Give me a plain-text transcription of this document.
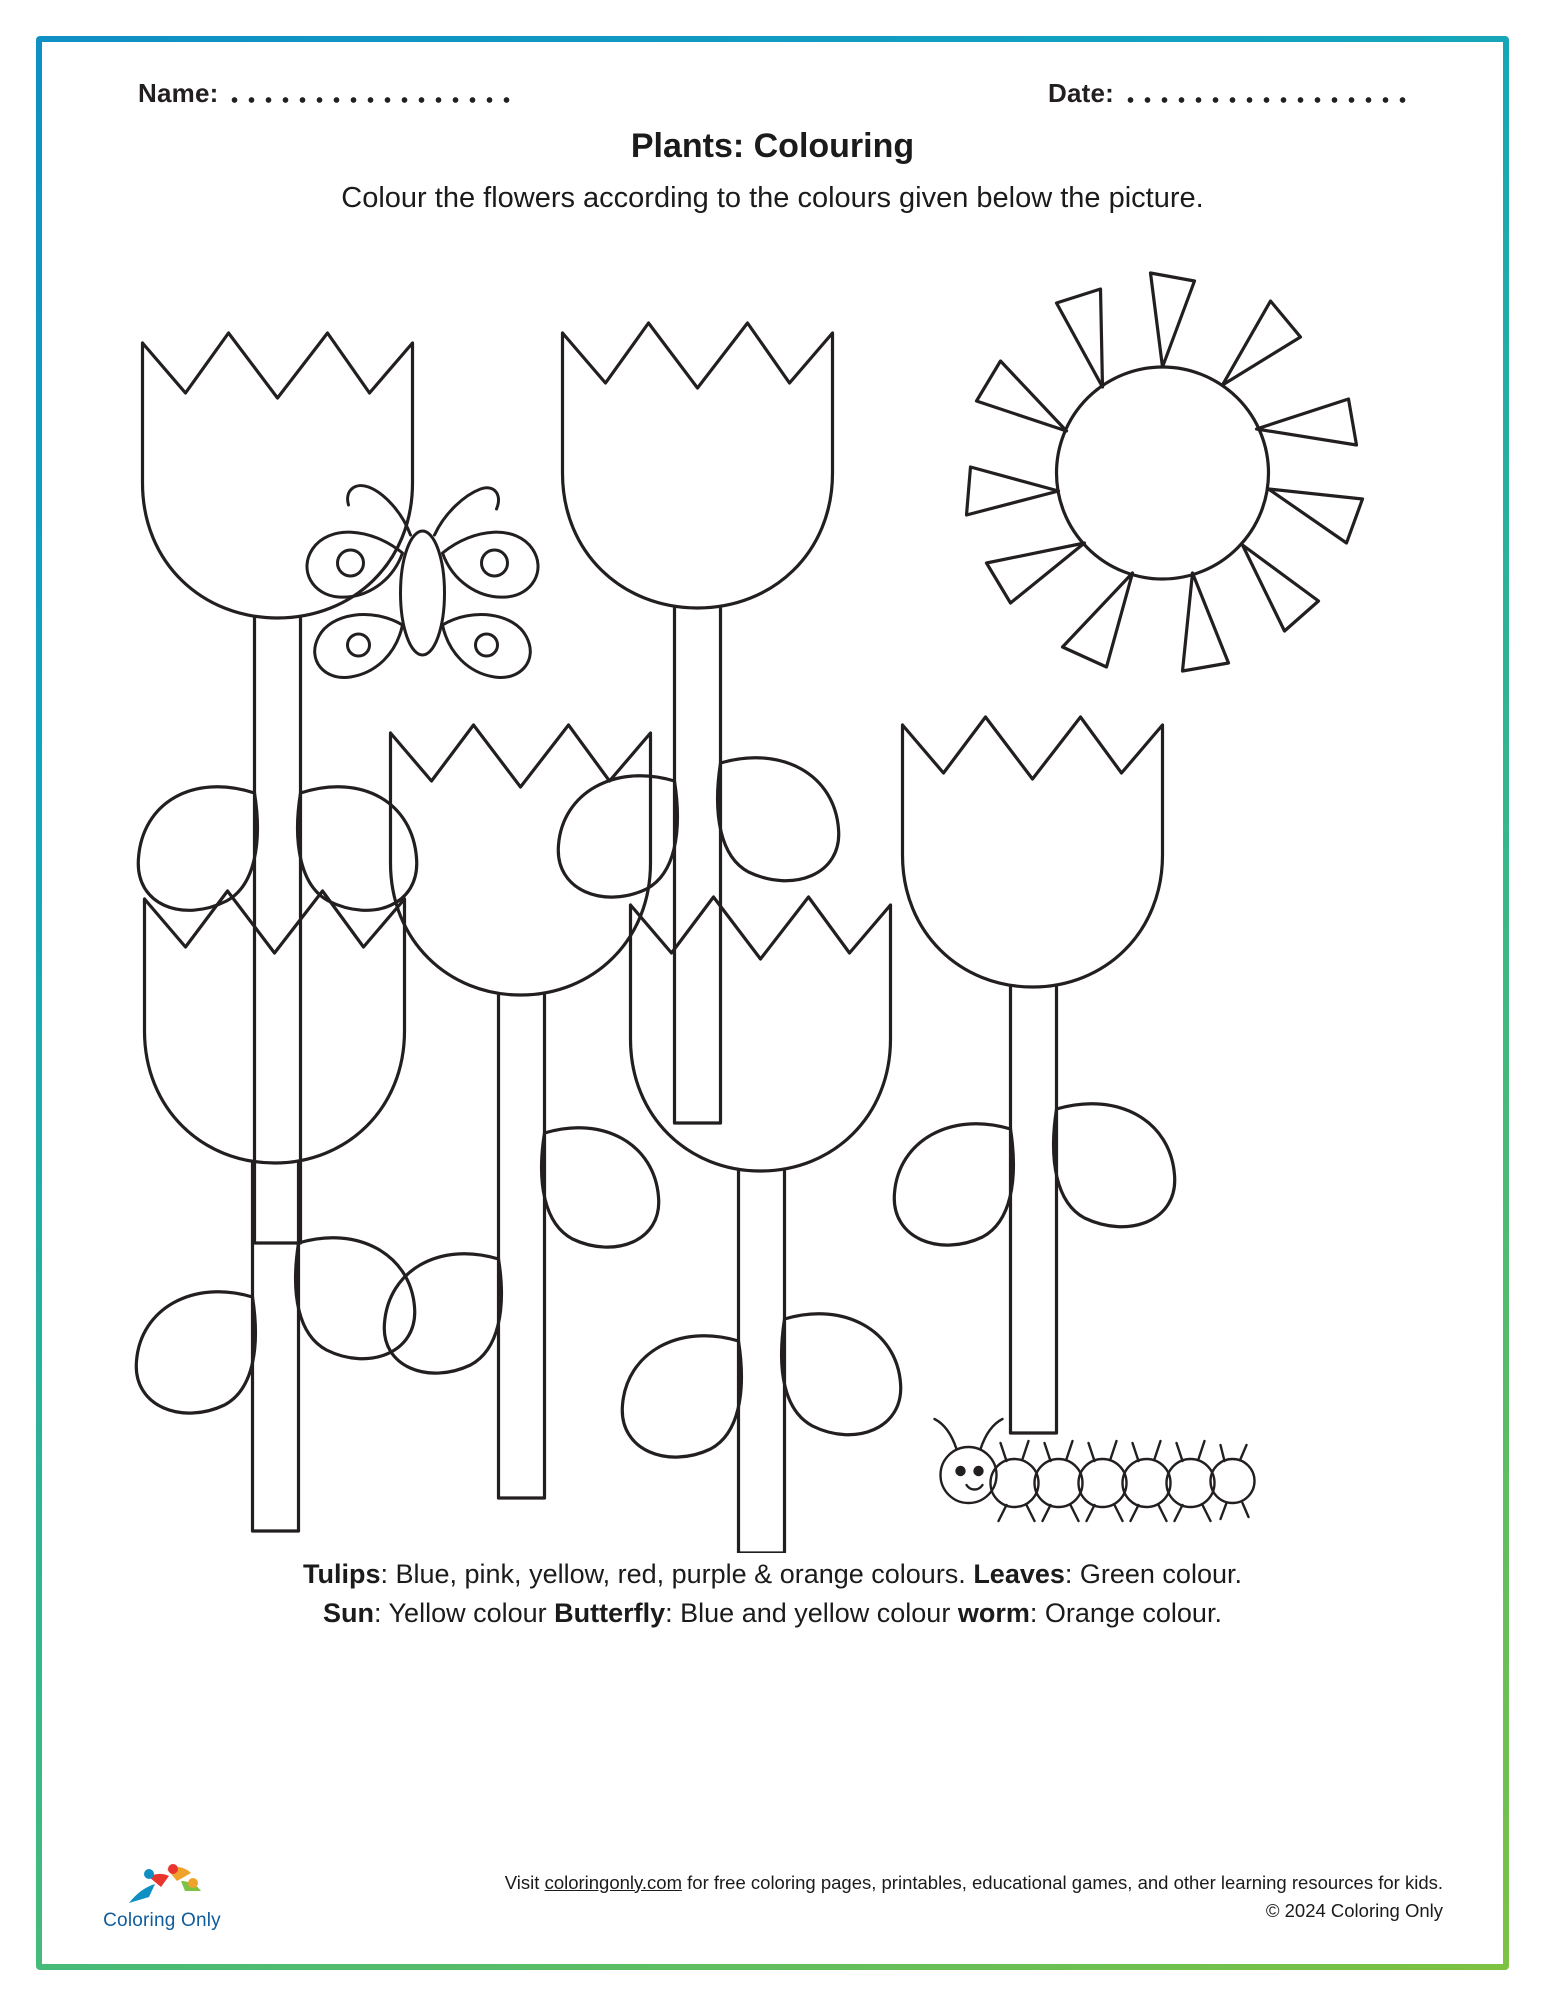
Name:	Date:
Plants: Colouring
Colour the flowers according to the colours given below the picture.
Tulips: Blue, pink, yellow, red, purple & orange colours. Leaves: Green colour.
Sun: Yellow colour Butterfly: Blue and yellow colour worm: Orange colour.
Coloring Only
Visit coloringonly.com for free coloring pages, printables, educational games, and other learning resources for kids.
© 2024 Coloring Only
